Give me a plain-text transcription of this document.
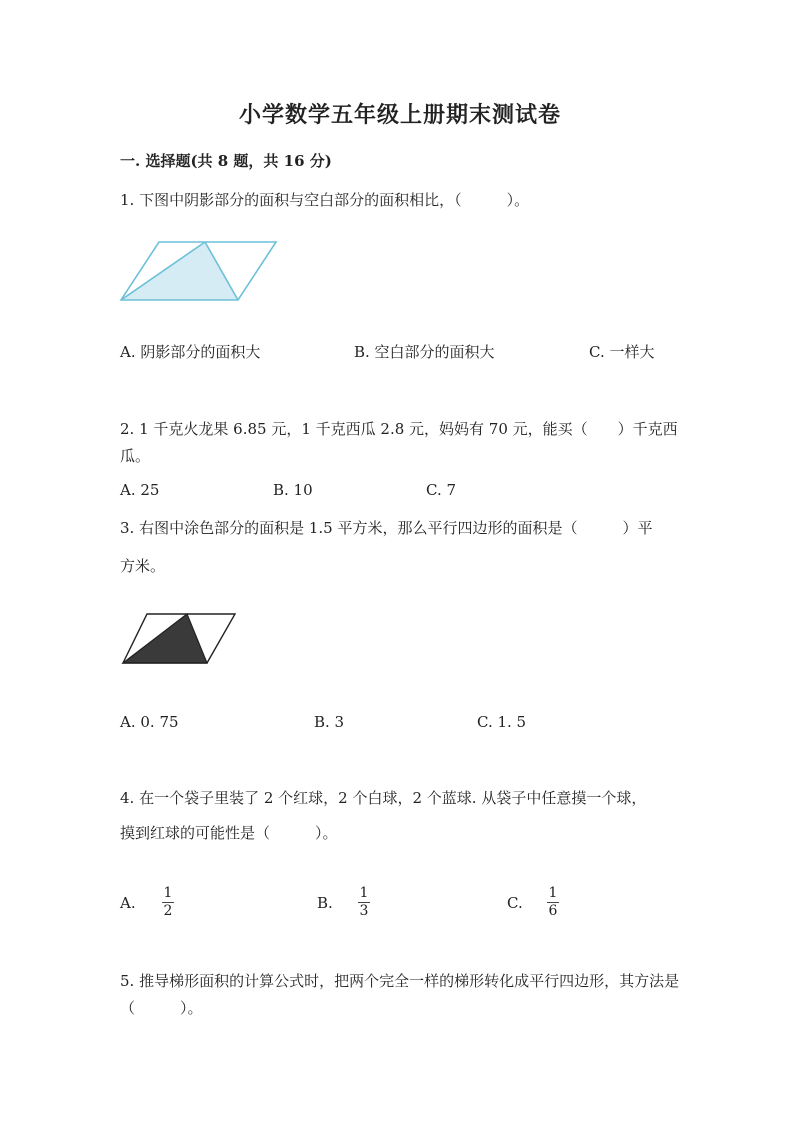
小学数学五年级上册期末测试卷
一. 选择题(共 8 题，共 16 分)
1. 下图中阴影部分的面积与空白部分的面积相比，（　　　）。
A. 阴影部分的面积大	B. 空白部分的面积大	C. 一样大
2. 1 千克火龙果 6.85 元，1 千克西瓜 2.8 元，妈妈有 70 元，能买（　　）千克西瓜。
A. 25	B. 10	C. 7
3. 右图中涂色部分的面积是 1.5 平方米，那么平行四边形的面积是（　　　）平
方米。
A. 0. 75	B. 3	C. 1. 5
4. 在一个袋子里装了 2 个红球，2 个白球，2 个蓝球. 从袋子中任意摸一个球，
摸到红球的可能性是（　　　）。
A.
1
2	B.
1
3	C.
1
6
5. 推导梯形面积的计算公式时，把两个完全一样的梯形转化成平行四边形，其方法是（　　　）。
